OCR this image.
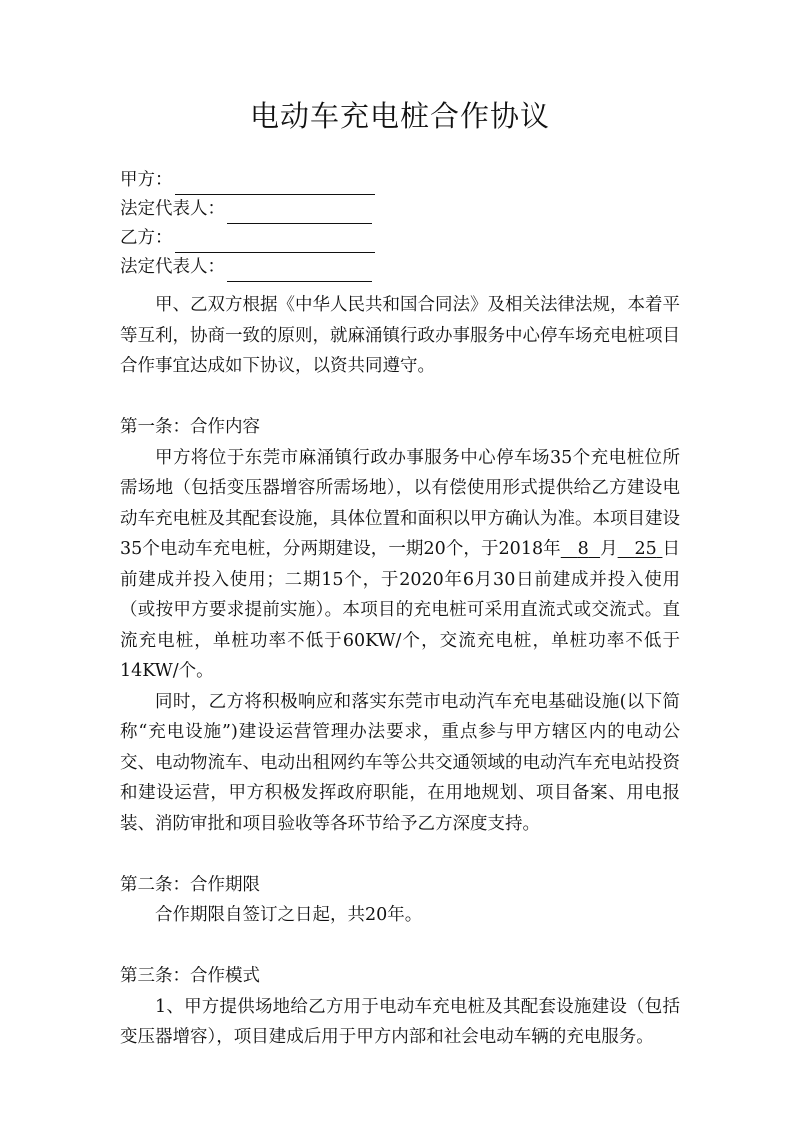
电动车充电桩合作协议
甲方：
法定代表人：
乙方：
法定代表人：

甲、乙双方根据《中华人民共和国合同法》及相关法律法规，本着平等互利，协商一致的原则，就麻涌镇行政办事服务中心停车场充电桩项目合作事宜达成如下协议，以资共同遵守。

第一条：合作内容

甲方将位于东莞市麻涌镇行政办事服务中心停车场35个充电桩位所需场地（包括变压器增容所需场地），以有偿使用形式提供给乙方建设电动车充电桩及其配套设施，具体位置和面积以甲方确认为准。本项目建设35个电动车充电桩，分两期建设，一期20个，于2018年 8 月 25 日前建成并投入使用；二期15个，于2020年6月30日前建成并投入使用（或按甲方要求提前实施）。本项目的充电桩可采用直流式或交流式。直流充电桩，单桩功率不低于60KW/个，交流充电桩，单桩功率不低于14KW/个。

同时，乙方将积极响应和落实东莞市电动汽车充电基础设施(以下简称“充电设施”)建设运营管理办法要求，重点参与甲方辖区内的电动公交、电动物流车、电动出租网约车等公共交通领域的电动汽车充电站投资和建设运营，甲方积极发挥政府职能，在用地规划、项目备案、用电报装、消防审批和项目验收等各环节给予乙方深度支持。

第二条：合作期限

合作期限自签订之日起，共20年。

第三条：合作模式

1、甲方提供场地给乙方用于电动车充电桩及其配套设施建设（包括变压器增容），项目建成后用于甲方内部和社会电动车辆的充电服务。
